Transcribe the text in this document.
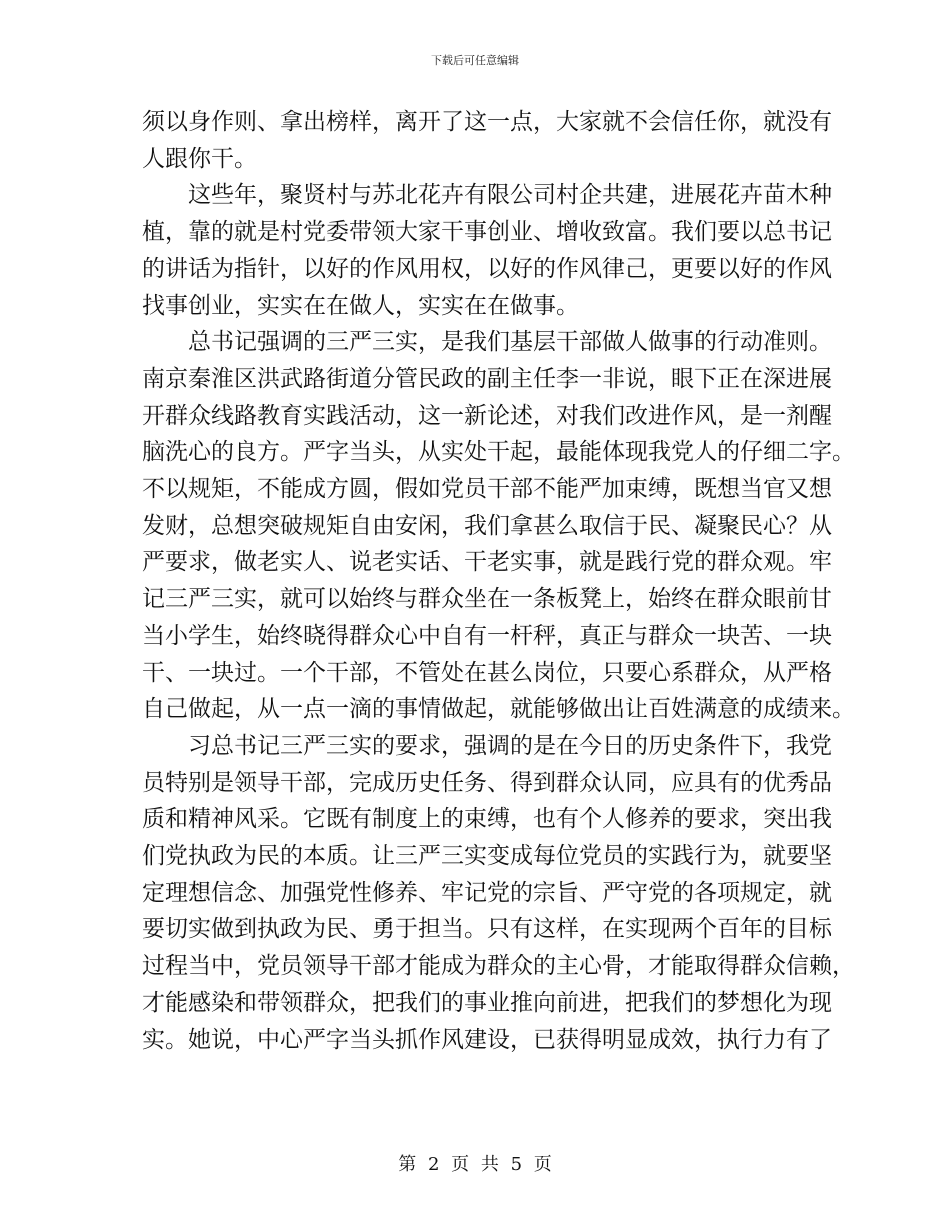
下载后可任意编辑

须以身作则、拿出榜样，离开了这一点，大家就不会信任你，就没有
人跟你干。

这些年，聚贤村与苏北花卉有限公司村企共建，进展花卉苗木种
植，靠的就是村党委带领大家干事创业、增收致富。我们要以总书记
的讲话为指针，以好的作风用权，以好的作风律己，更要以好的作风
找事创业，实实在在做人，实实在在做事。

总书记强调的三严三实，是我们基层干部做人做事的行动准则。
南京秦淮区洪武路街道分管民政的副主任李一非说，眼下正在深进展
开群众线路教育实践活动，这一新论述，对我们改进作风，是一剂醒
脑洗心的良方。严字当头，从实处干起，最能体现我党人的仔细二字。
不以规矩，不能成方圆，假如党员干部不能严加束缚，既想当官又想
发财，总想突破规矩自由安闲，我们拿甚么取信于民、凝聚民心？从
严要求，做老实人、说老实话、干老实事，就是践行党的群众观。牢
记三严三实，就可以始终与群众坐在一条板凳上，始终在群众眼前甘
当小学生，始终晓得群众心中自有一杆秤，真正与群众一块苦、一块
干、一块过。一个干部，不管处在甚么岗位，只要心系群众，从严格
自己做起，从一点一滴的事情做起，就能够做出让百姓满意的成绩来。

习总书记三严三实的要求，强调的是在今日的历史条件下，我党
员特别是领导干部，完成历史任务、得到群众认同，应具有的优秀品
质和精神风采。它既有制度上的束缚，也有个人修养的要求，突出我
们党执政为民的本质。让三严三实变成每位党员的实践行为，就要坚
定理想信念、加强党性修养、牢记党的宗旨、严守党的各项规定，就
要切实做到执政为民、勇于担当。只有这样，在实现两个百年的目标
过程当中，党员领导干部才能成为群众的主心骨，才能取得群众信赖，
才能感染和带领群众，把我们的事业推向前进，把我们的梦想化为现
实。她说，中心严字当头抓作风建设，已获得明显成效，执行力有了

第 2 页 共 5 页
